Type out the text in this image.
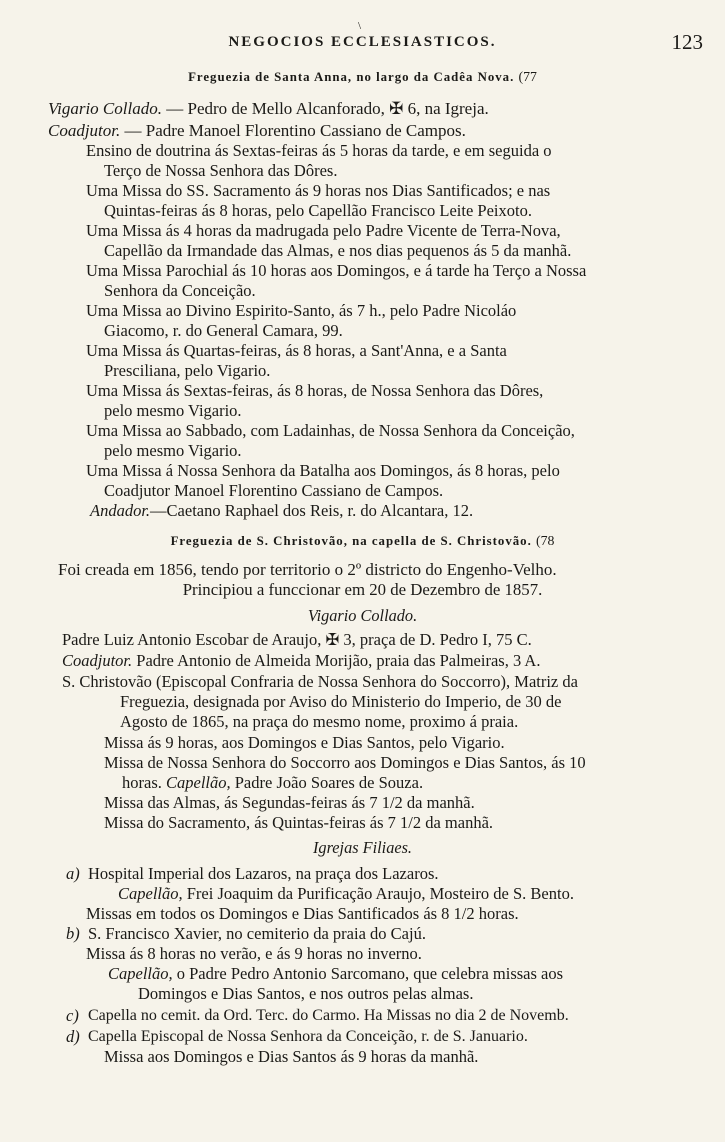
\
NEGOCIOS ECCLESIASTICOS.	123
Freguezia de Santa Anna, no largo da Cadêa Nova. (77
Vigario Collado. — Pedro de Mello Alcanforado, ✠ 6, na Igreja.
Coadjutor. — Padre Manoel Florentino Cassiano de Campos.
Ensino de doutrina ás Sextas-feiras ás 5 horas da tarde, e em seguida o
Terço de Nossa Senhora das Dôres.
Uma Missa do SS. Sacramento ás 9 horas nos Dias Santificados; e nas
Quintas-feiras ás 8 horas, pelo Capellão Francisco Leite Peixoto.
Uma Missa ás 4 horas da madrugada pelo Padre Vicente de Terra-Nova,
Capellão da Irmandade das Almas, e nos dias pequenos ás 5 da manhã.
Uma Missa Parochial ás 10 horas aos Domingos, e á tarde ha Terço a Nossa
Senhora da Conceição.
Uma Missa ao Divino Espirito-Santo, ás 7 h., pelo Padre Nicoláo
Giacomo, r. do General Camara, 99.
Uma Missa ás Quartas-feiras, ás 8 horas, a Sant'Anna, e a Santa
Presciliana, pelo Vigario.
Uma Missa ás Sextas-feiras, ás 8 horas, de Nossa Senhora das Dôres,
pelo mesmo Vigario.
Uma Missa ao Sabbado, com Ladainhas, de Nossa Senhora da Conceição,
pelo mesmo Vigario.
Uma Missa á Nossa Senhora da Batalha aos Domingos, ás 8 horas, pelo
Coadjutor Manoel Florentino Cassiano de Campos.
Andador.—Caetano Raphael dos Reis, r. do Alcantara, 12.
Freguezia de S. Christovão, na capella de S. Christovão. (78
Foi creada em 1856, tendo por territorio o 2º districto do Engenho-Velho.
Principiou a funccionar em 20 de Dezembro de 1857.
Vigario Collado.
Padre Luiz Antonio Escobar de Araujo, ✠ 3, praça de D. Pedro I, 75 C.
Coadjutor. Padre Antonio de Almeida Morijão, praia das Palmeiras, 3 A.
S. Christovão (Episcopal Confraria de Nossa Senhora do Soccorro), Matriz da
Freguezia, designada por Aviso do Ministerio do Imperio, de 30 de
Agosto de 1865, na praça do mesmo nome, proximo á praia.
Missa ás 9 horas, aos Domingos e Dias Santos, pelo Vigario.
Missa de Nossa Senhora do Soccorro aos Domingos e Dias Santos, ás 10
horas. Capellão, Padre João Soares de Souza.
Missa das Almas, ás Segundas-feiras ás 7 1/2 da manhã.
Missa do Sacramento, ás Quintas-feiras ás 7 1/2 da manhã.
Igrejas Filiaes.
a) Hospital Imperial dos Lazaros, na praça dos Lazaros.
Capellão, Frei Joaquim da Purificação Araujo, Mosteiro de S. Bento.
Missas em todos os Domingos e Dias Santificados ás 8 1/2 horas.
b) S. Francisco Xavier, no cemiterio da praia do Cajú.
Missa ás 8 horas no verão, e ás 9 horas no inverno.
Capellão, o Padre Pedro Antonio Sarcomano, que celebra missas aos
Domingos e Dias Santos, e nos outros pelas almas.
c) Capella no cemit. da Ord. Terc. do Carmo. Ha Missas no dia 2 de Novemb.
d) Capella Episcopal de Nossa Senhora da Conceição, r. de S. Januario.
Missa aos Domingos e Dias Santos ás 9 horas da manhã.
